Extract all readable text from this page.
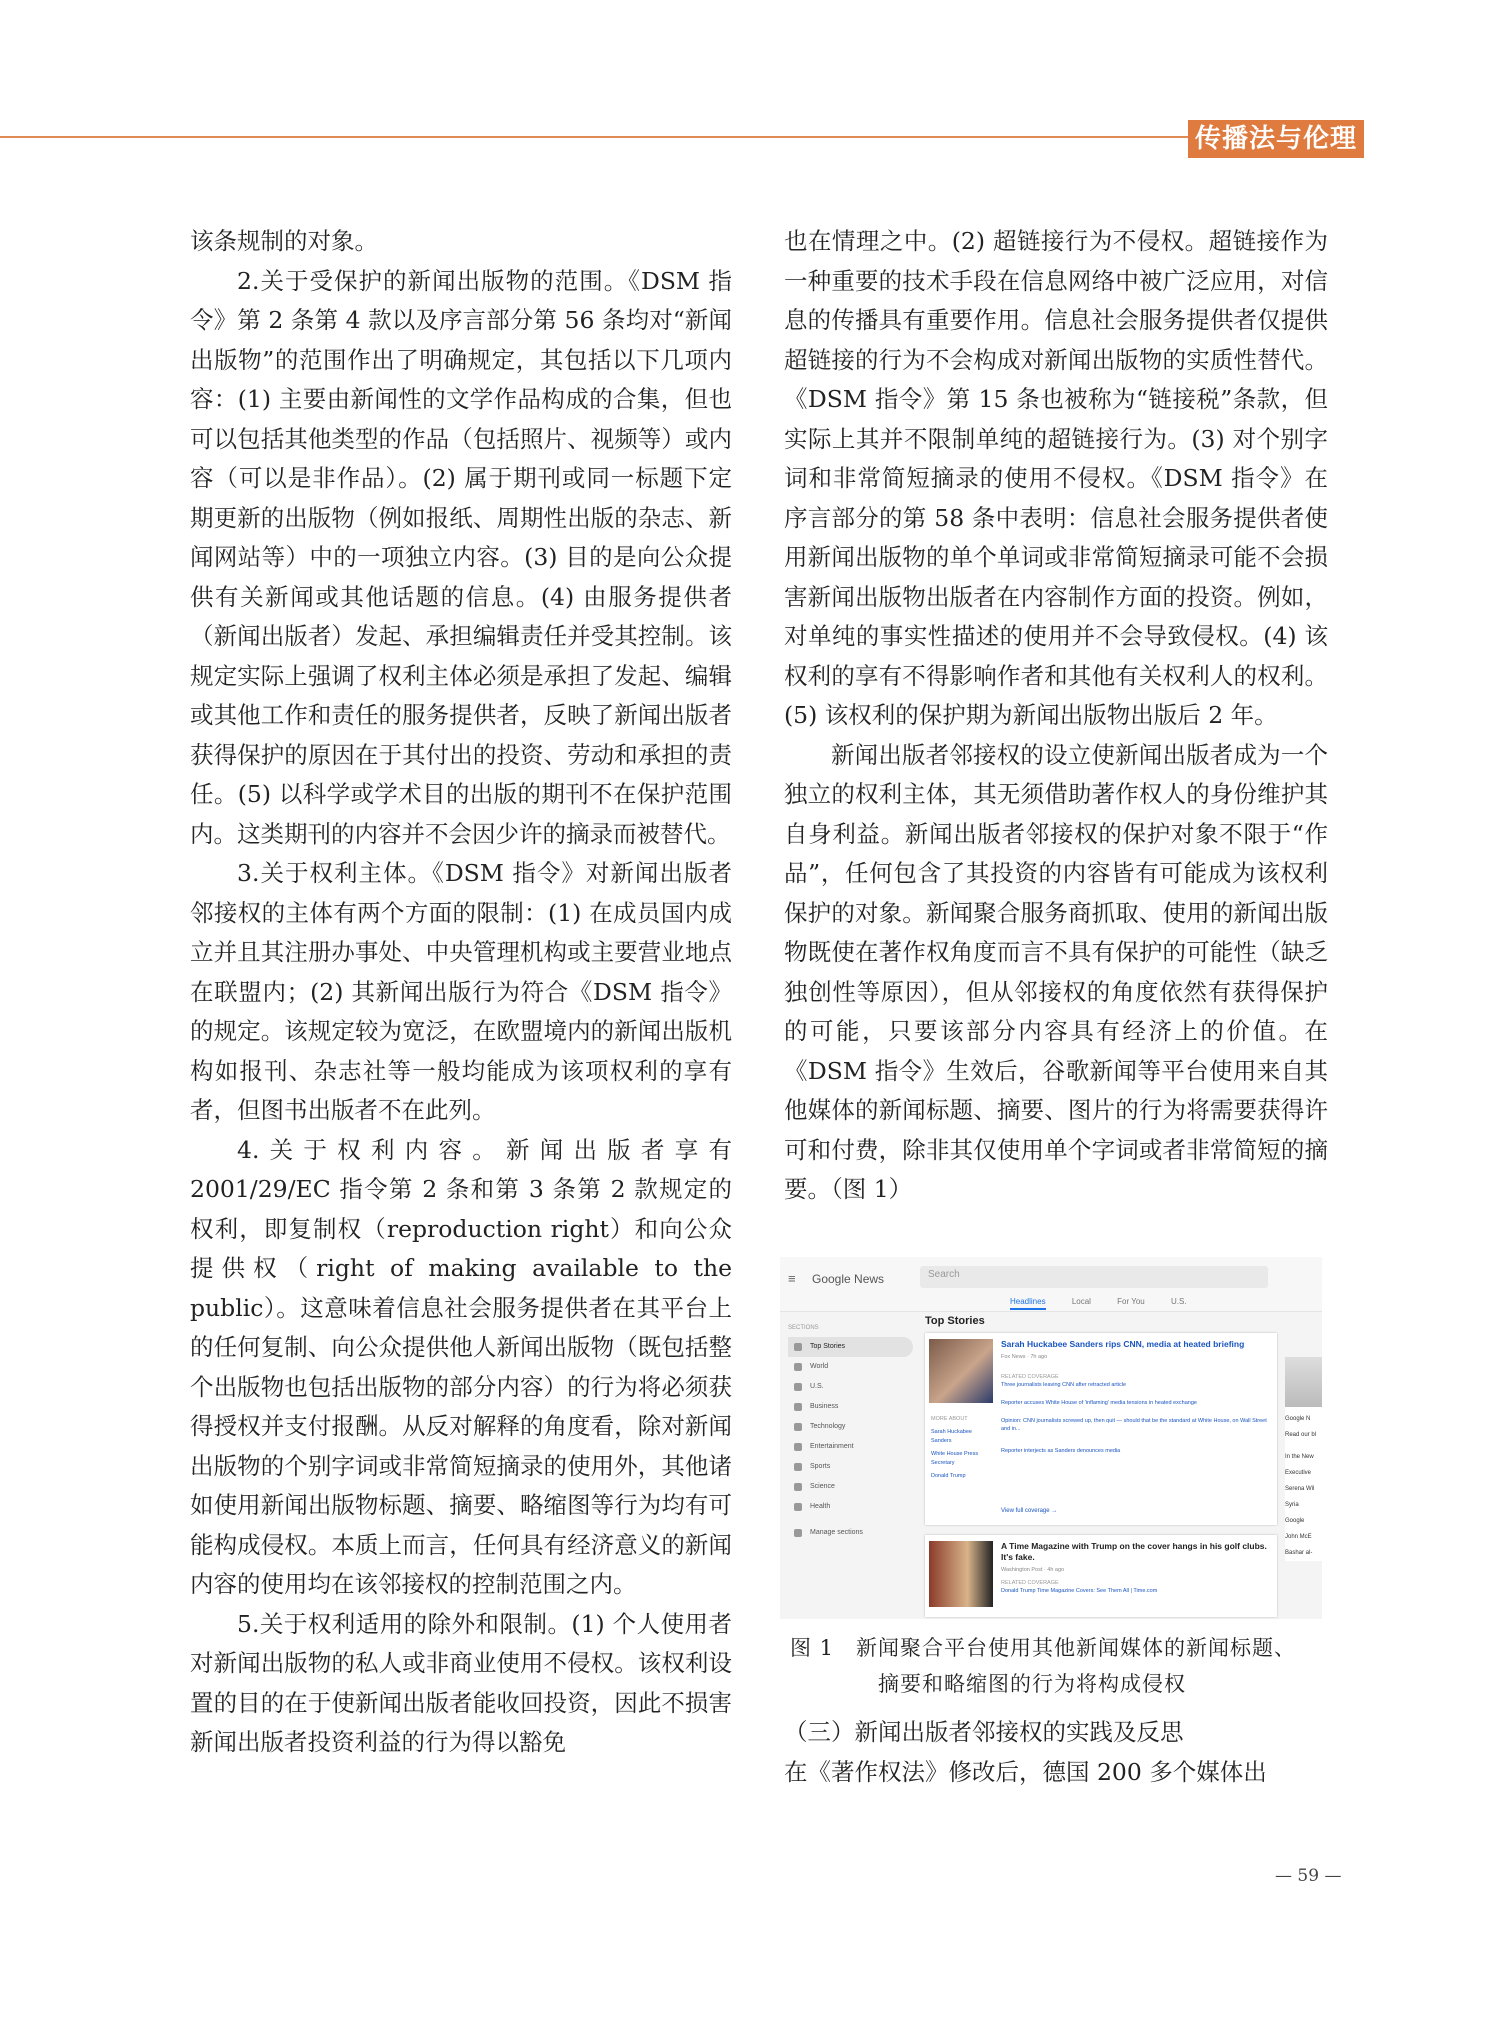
传播法与伦理

该条规制的对象。

2.关于受保护的新闻出版物的范围。《DSM 指令》第 2 条第 4 款以及序言部分第 56 条均对“新闻出版物”的范围作出了明确规定，其包括以下几项内容：(1) 主要由新闻性的文学作品构成的合集，但也可以包括其他类型的作品（包括照片、视频等）或内容（可以是非作品）。(2) 属于期刊或同一标题下定期更新的出版物（例如报纸、周期性出版的杂志、新闻网站等）中的一项独立内容。(3) 目的是向公众提供有关新闻或其他话题的信息。(4) 由服务提供者（新闻出版者）发起、承担编辑责任并受其控制。该规定实际上强调了权利主体必须是承担了发起、编辑或其他工作和责任的服务提供者，反映了新闻出版者获得保护的原因在于其付出的投资、劳动和承担的责任。(5) 以科学或学术目的出版的期刊不在保护范围内。这类期刊的内容并不会因少许的摘录而被替代。

3.关于权利主体。《DSM 指令》对新闻出版者邻接权的主体有两个方面的限制：(1) 在成员国内成立并且其注册办事处、中央管理机构或主要营业地点在联盟内；(2) 其新闻出版行为符合《DSM 指令》的规定。该规定较为宽泛，在欧盟境内的新闻出版机构如报刊、杂志社等一般均能成为该项权利的享有者，但图书出版者不在此列。

4.关于权利内容。新闻出版者享有 2001/29/EC 指令第 2 条和第 3 条第 2 款规定的权利，即复制权（reproduction right）和向公众提供权（right of making available to the public）。这意味着信息社会服务提供者在其平台上的任何复制、向公众提供他人新闻出版物（既包括整个出版物也包括出版物的部分内容）的行为将必须获得授权并支付报酬。从反对解释的角度看，除对新闻出版物的个别字词或非常简短摘录的使用外，其他诸如使用新闻出版物标题、摘要、略缩图等行为均有可能构成侵权。本质上而言，任何具有经济意义的新闻内容的使用均在该邻接权的控制范围之内。

5.关于权利适用的除外和限制。(1) 个人使用者对新闻出版物的私人或非商业使用不侵权。该权利设置的目的在于使新闻出版者能收回投资，因此不损害新闻出版者投资利益的行为得以豁免

也在情理之中。(2) 超链接行为不侵权。超链接作为一种重要的技术手段在信息网络中被广泛应用，对信息的传播具有重要作用。信息社会服务提供者仅提供超链接的行为不会构成对新闻出版物的实质性替代。《DSM 指令》第 15 条也被称为“链接税”条款，但实际上其并不限制单纯的超链接行为。(3) 对个别字词和非常简短摘录的使用不侵权。《DSM 指令》在序言部分的第 58 条中表明：信息社会服务提供者使用新闻出版物的单个单词或非常简短摘录可能不会损害新闻出版物出版者在内容制作方面的投资。例如，对单纯的事实性描述的使用并不会导致侵权。(4) 该权利的享有不得影响作者和其他有关权利人的权利。(5) 该权利的保护期为新闻出版物出版后 2 年。

新闻出版者邻接权的设立使新闻出版者成为一个独立的权利主体，其无须借助著作权人的身份维护其自身利益。新闻出版者邻接权的保护对象不限于“作品”，任何包含了其投资的内容皆有可能成为该权利保护的对象。新闻聚合服务商抓取、使用的新闻出版物既使在著作权角度而言不具有保护的可能性（缺乏独创性等原因），但从邻接权的角度依然有获得保护的可能，只要该部分内容具有经济上的价值。在《DSM 指令》生效后，谷歌新闻等平台使用来自其他媒体的新闻标题、摘要、图片的行为将需要获得许可和付费，除非其仅使用单个字词或者非常简短的摘要。（图 1）

≡ Google News	Search
Headlines	Local	For You	U.S.
SECTIONS
Top Stories
World
U.S.
Business
Technology
Entertainment
Sports
Science
Health
Manage sections
Top Stories
Sarah Huckabee Sanders rips CNN, media at heated briefing
Fox News · 7h ago
RELATED COVERAGE
Three journalists leaving CNN after retracted article
Reporter accuses White House of 'inflaming' media tensions in heated exchange
Opinion: CNN journalists screwed up, then quit — should that be the standard at White House, on Wall Street and in...
Reporter interjects as Sanders denounces media
MORE ABOUT
Sarah Huckabee Sanders
White House Press Secretary
Donald Trump
View full coverage →
A Time Magazine with Trump on the cover hangs in his golf clubs. It's fake.
Washington Post · 4h ago
RELATED COVERAGE
Donald Trump Time Magazine Covers: See Them All | Time.com
Google N
Read our bl
In the New
Executive
Serena Wil
Syria
Google
John McE
Bashar al-
图 1　新闻聚合平台使用其他新闻媒体的新闻标题、
摘要和略缩图的行为将构成侵权

（三）新闻出版者邻接权的实践及反思

在《著作权法》修改后，德国 200 多个媒体出

— 59 —
